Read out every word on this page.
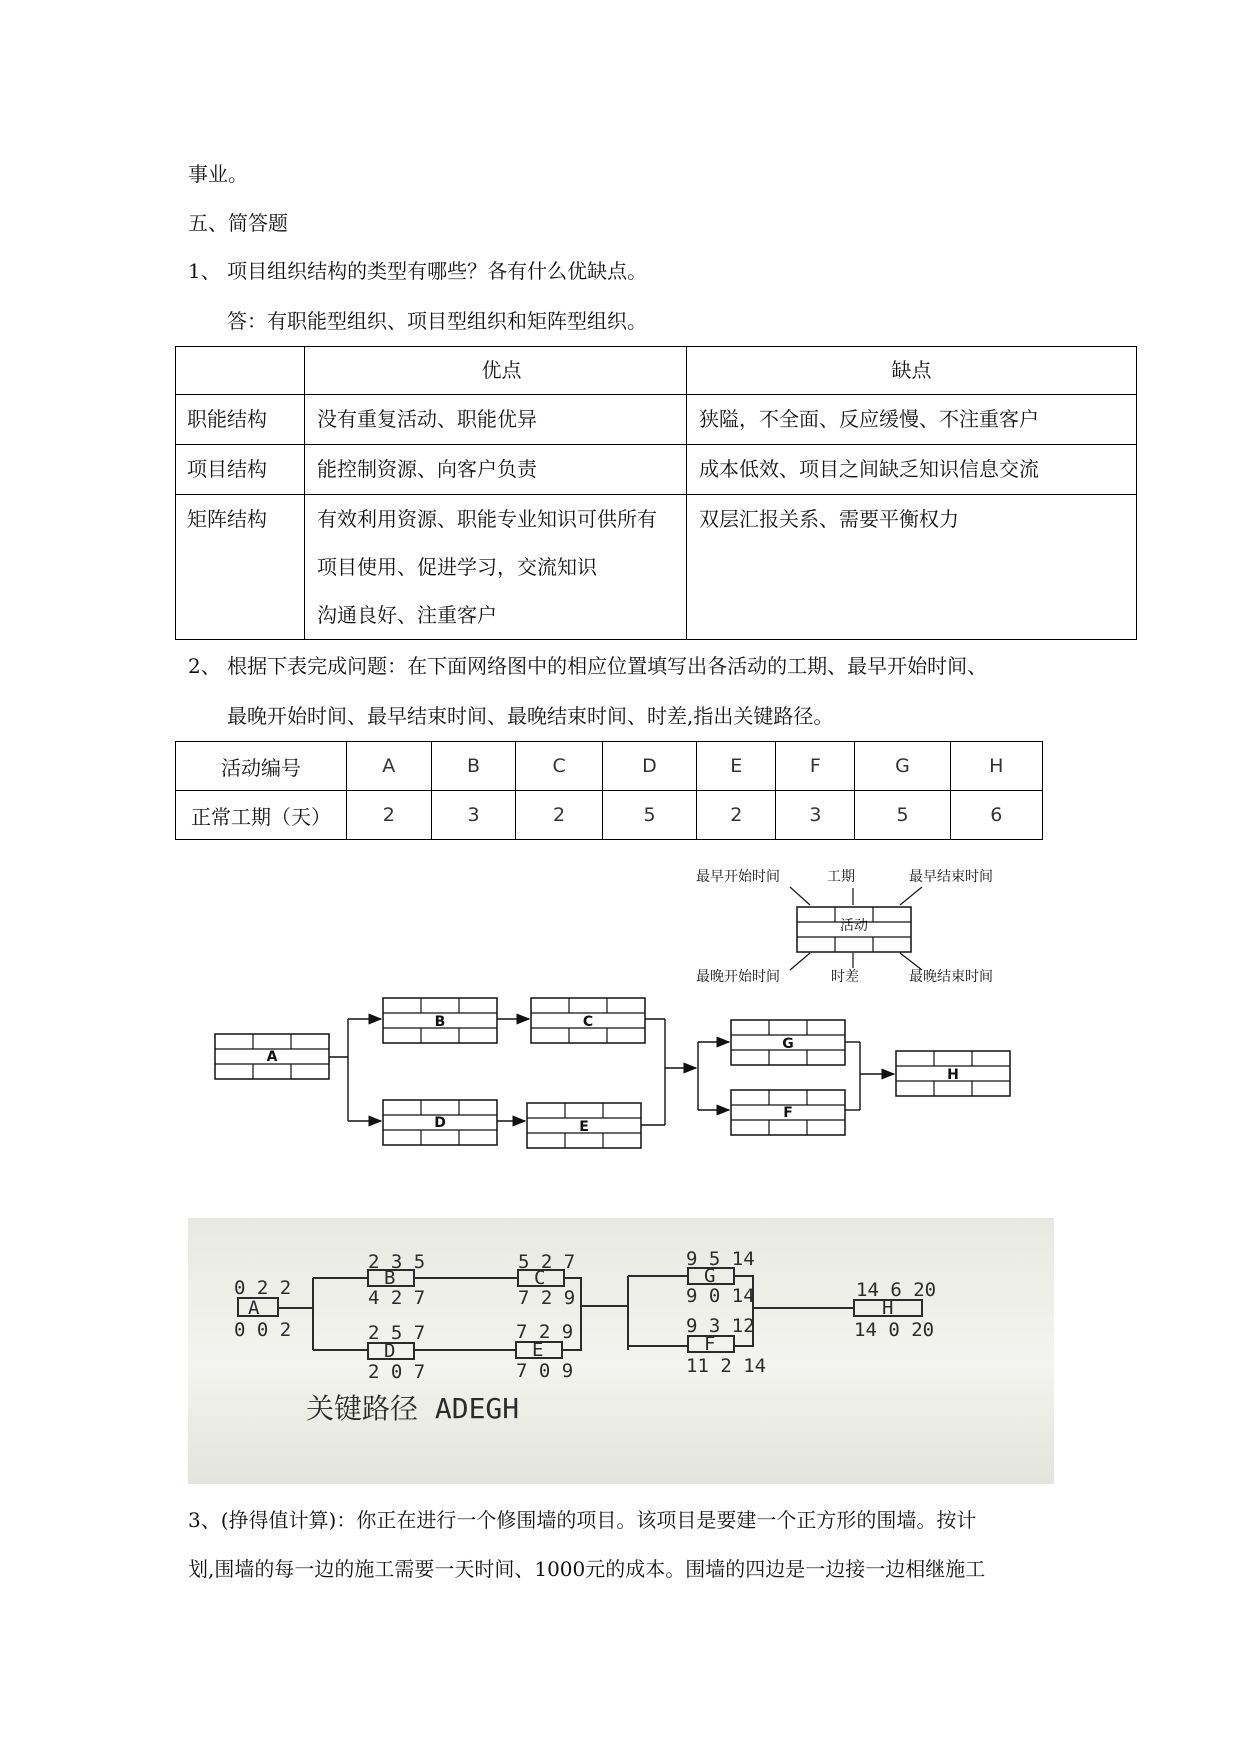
事业。
五、简答题
1、 项目组织结构的类型有哪些？各有什么优缺点。
答：有职能型组织、项目型组织和矩阵型组织。
	优点	缺点
职能结构	没有重复活动、职能优异	狭隘，不全面、反应缓慢、不注重客户
项目结构	能控制资源、向客户负责	成本低效、项目之间缺乏知识信息交流
矩阵结构	有效利用资源、职能专业知识可供所有
项目使用、促进学习，交流知识
沟通良好、注重客户	双层汇报关系、需要平衡权力
2、 根据下表完成问题：在下面网络图中的相应位置填写出各活动的工期、最早开始时间、
最晚开始时间、最早结束时间、最晚结束时间、时差,指出关键路径。
活动编号	A	B	C	D	E	F	G	H
正常工期（天）	2	3	2	5	2	3	5	6
最早开始时间	工期	最早结束时间
活动
最晚开始时间	时差	最晚结束时间
A
B	C
D	E
G
F
H
0 2 2
A
0 0 2
2 3 5
B
4 2 7
5 2 7
C
7 2 9
2 5 7
D
2 0 7
7 2 9
E
7 0 9
9 5 14
G
9 0 14
9 3 12
F
11 2 14
14 6 20
H
14 0 20
关键路径 ADEGH
3、(挣得值计算)：你正在进行一个修围墙的项目。该项目是要建一个正方形的围墙。按计
划,围墙的每一边的施工需要一天时间、1000元的成本。围墙的四边是一边接一边相继施工
